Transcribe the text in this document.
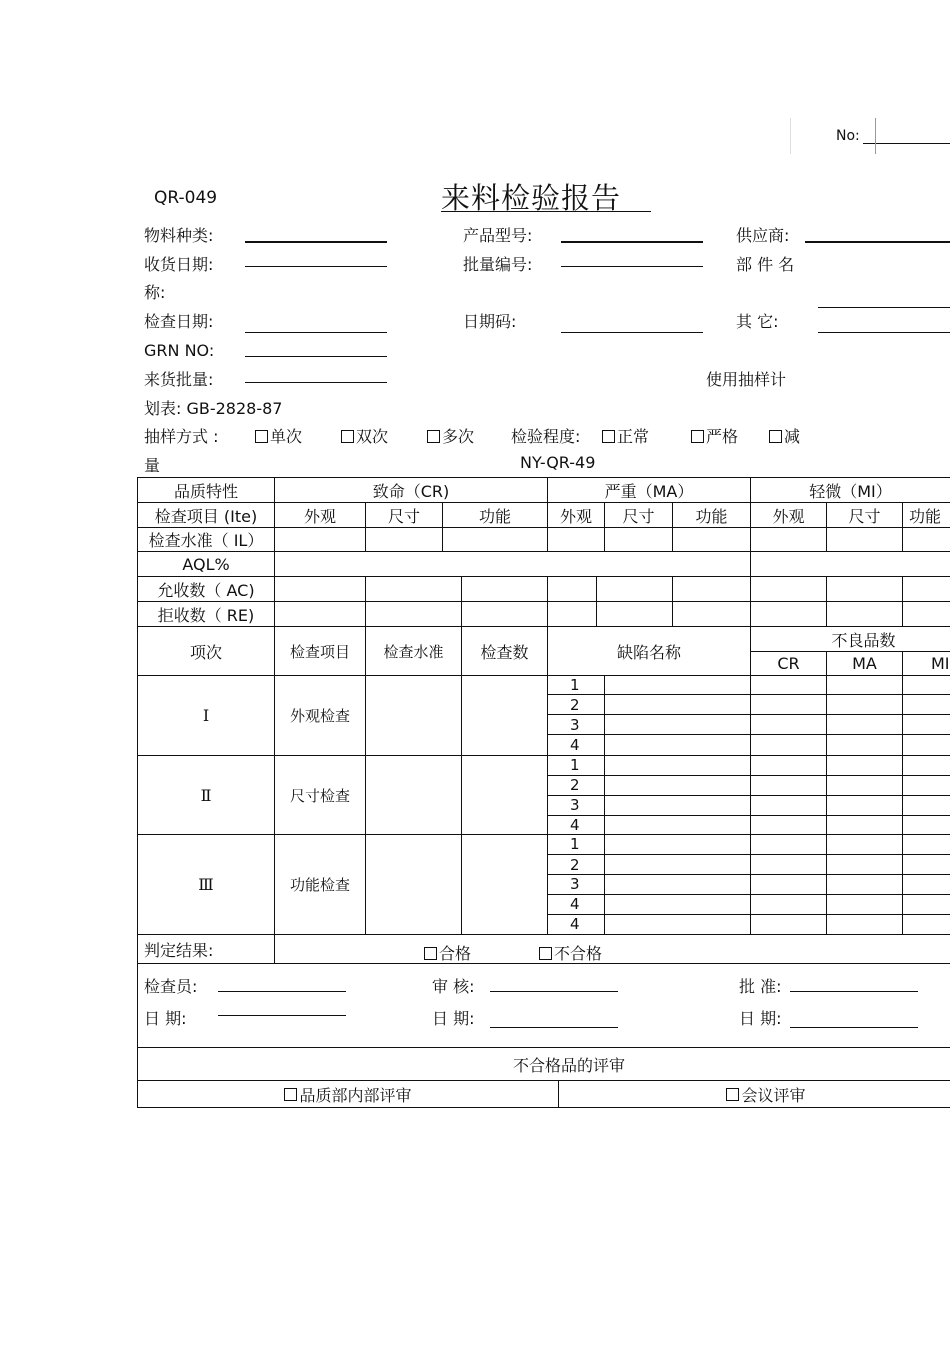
No:
QR-049	来料检验报告
物料种类:	产品型号:	供应商:
收货日期:	批量编号:	部 件 名
称:
检查日期:	日期码:	其 它:
GRN NO:
来货批量:	使用抽样计
划表: GB-2828-87
抽样方式 :	单次	双次	多次 检验程度:	正常	严格	减
量	NY-QR-49
品质特性	致命（CR)	严重（MA）	轻微（MI）
检查项目 (Ite)	外观	尺寸	功能	外观	尺寸	功能	外观	尺寸	功能
检查水准（ IL）
AQL%
允收数（ AC)
拒收数（ RE)
项次	检查项目	检查水准	检查数	缺陷名称
不良品数
CR	MA	MI
Ⅰ	外观检查
1
2
3
4
Ⅱ	尺寸检查
1
2
3
4
Ⅲ	功能检查
1
2
3
4
4
判定结果:	合格	不合格
检查员:	审 核:	批 准:
日 期:	日 期:	日 期:
不合格品的评审
品质部内部评审	会议评审
